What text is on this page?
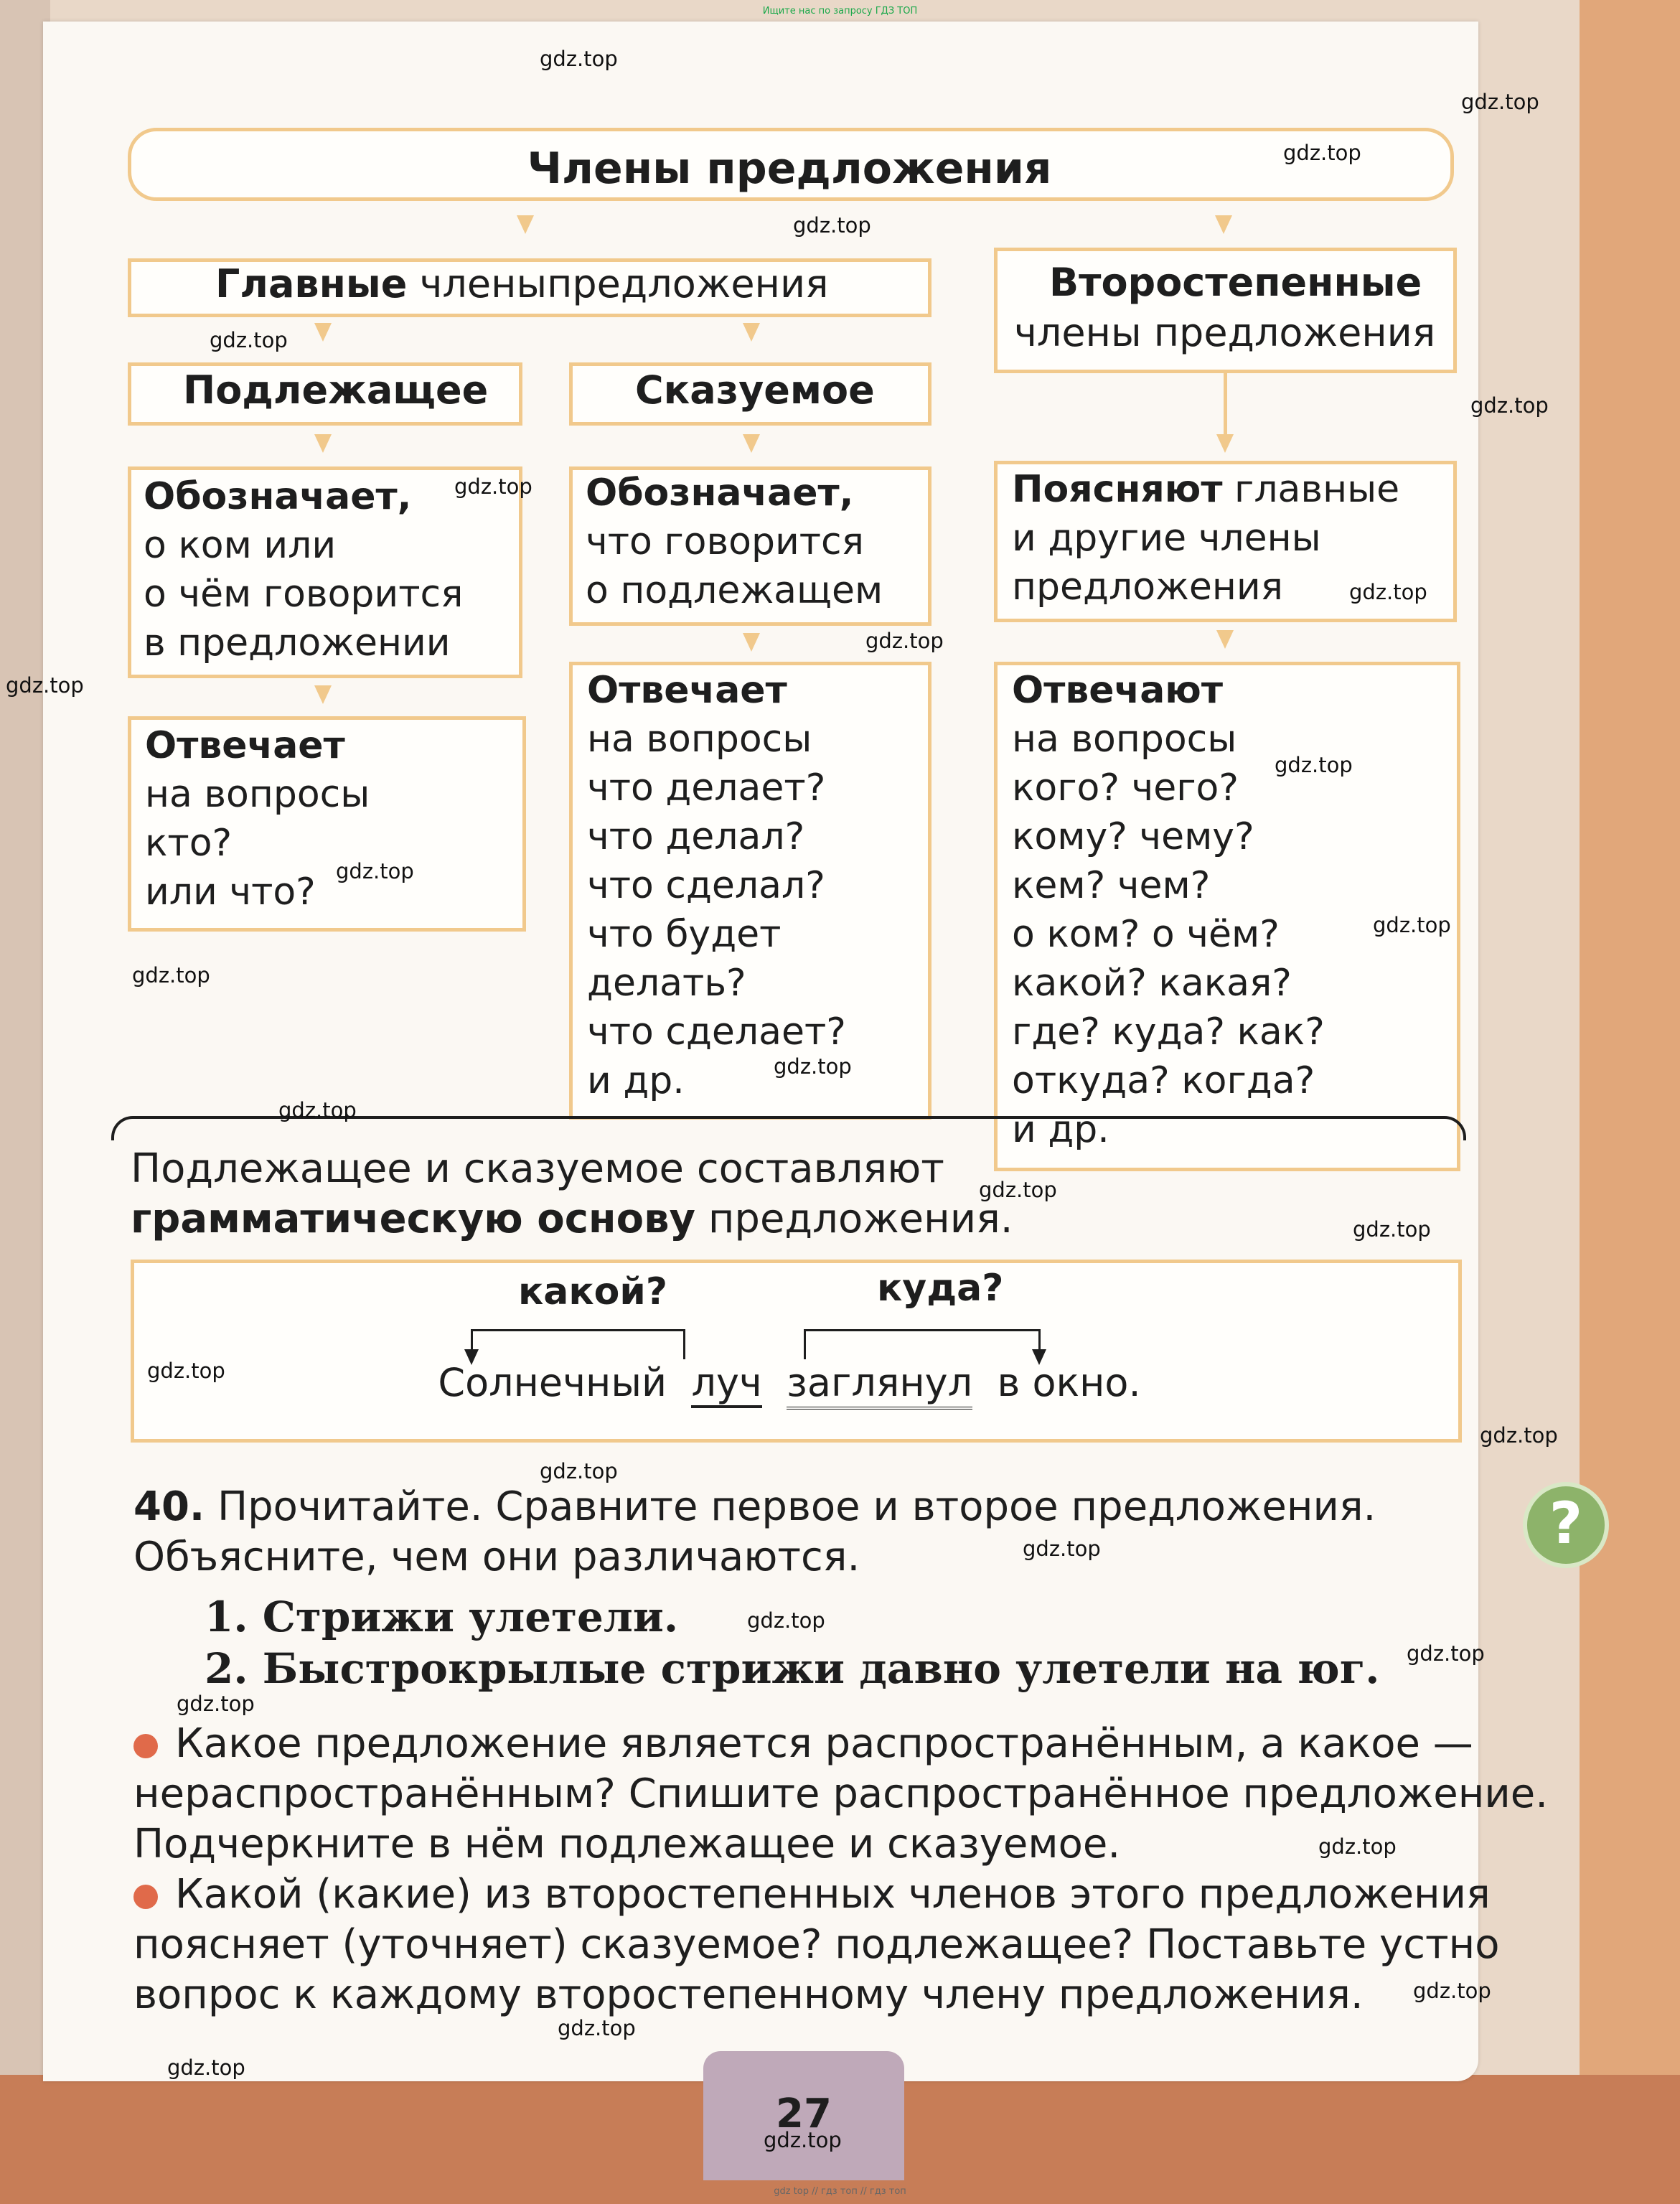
Ищите нас по запросу ГДЗ ТОП
Члены предложения
Главные членыпредложения	Второстепенные
члены предложения
Подлежащее	Сказуемое
Обозначает,
о ком или
о чём говорится
в предложении
Обозначает,
что говорится
о подлежащем
Поясняют главные
и другие члены
предложения
Отвечает
на вопросы
кто?
или что?
Отвечает
на вопросы
что делает?
что делал?
что сделал?
что будет
делать?
что сделает?
и др.
Отвечают
на вопросы
кого? чего?
кому? чему?
кем? чем?
о ком? о чём?
какой? какая?
где? куда? как?
откуда? когда?
и др.
Подлежащее и сказуемое составляют
грамматическую основу предложения.
какой?	куда?
Солнечный луч заглянул в окно.
40. Прочитайте. Сравните первое и второе предложения.
Объясните, чем они различаются.
1. Стрижи улетели.
2. Быстрокрылые стрижи давно улетели на юг.
Какое предложение является распространённым, а какое —
нераспространённым? Спишите распространённое предложение.
Подчеркните в нём подлежащее и сказуемое.
Какой (какие) из второстепенных членов этого предложения
поясняет (уточняет) сказуемое? подлежащее? Поставьте устно
вопрос к каждому второстепенному члену предложения.
?
27
gdz.top
gdz.top
gdz.top
gdz.top
gdz.top
gdz.top
gdz.top
gdz.top
gdz.top
gdz.top
gdz.top
gdz.top
gdz.top
gdz.top
gdz.top
gdz.top
gdz.top
gdz.top
gdz.top
gdz.top
gdz.top
gdz.top
gdz.top
gdz.top
gdz.top
gdz.top
gdz.top
gdz.top
gdz.top
gdz.top
gdz top // гдз топ // гдз топ
